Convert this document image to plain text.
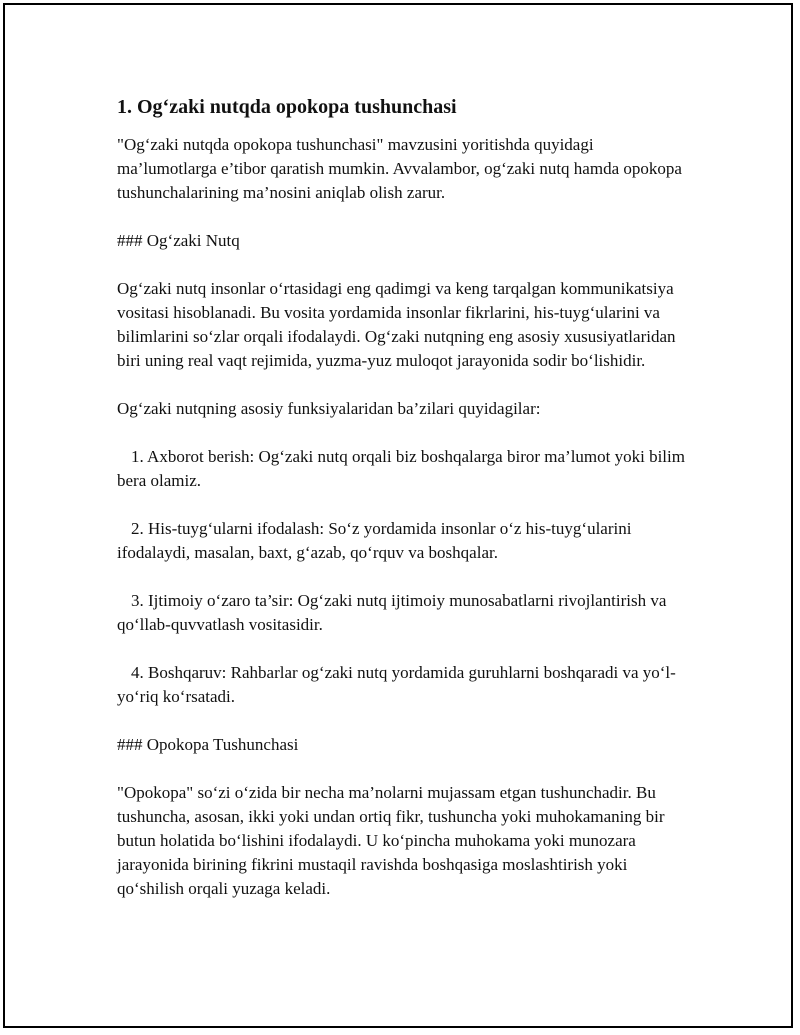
1. Og‘zaki nutqda opokopa tushunchasi

"Og‘zaki nutqda opokopa tushunchasi" mavzusini yoritishda quyidagi ma’lumotlarga e’tibor qaratish mumkin. Avvalambor, og‘zaki nutq hamda opokopa tushunchalarining ma’nosini aniqlab olish zarur.

### Og‘zaki Nutq

Og‘zaki nutq insonlar o‘rtasidagi eng qadimgi va keng tarqalgan kommunikatsiya vositasi hisoblanadi. Bu vosita yordamida insonlar fikrlarini, his-tuyg‘ularini va bilimlarini so‘zlar orqali ifodalaydi. Og‘zaki nutqning eng asosiy xususiyatlaridan biri uning real vaqt rejimida, yuzma-yuz muloqot jarayonida sodir bo‘lishidir.

Og‘zaki nutqning asosiy funksiyalaridan ba’zilari quyidagilar:

1. Axborot berish: Og‘zaki nutq orqali biz boshqalarga biror ma’lumot yoki bilim bera olamiz.

2. His-tuyg‘ularni ifodalash: So‘z yordamida insonlar o‘z his-tuyg‘ularini ifodalaydi, masalan, baxt, g‘azab, qo‘rquv va boshqalar.

3. Ijtimoiy o‘zaro ta’sir: Og‘zaki nutq ijtimoiy munosabatlarni rivojlantirish va qo‘llab-quvvatlash vositasidir.

4. Boshqaruv: Rahbarlar og‘zaki nutq yordamida guruhlarni boshqaradi va yo‘l-yo‘riq ko‘rsatadi.

### Opokopa Tushunchasi

"Opokopa" so‘zi o‘zida bir necha ma’nolarni mujassam etgan tushunchadir. Bu tushuncha, asosan, ikki yoki undan ortiq fikr, tushuncha yoki muhokamaning bir butun holatida bo‘lishini ifodalaydi. U ko‘pincha muhokama yoki munozara jarayonida birining fikrini mustaqil ravishda boshqasiga moslashtirish yoki qo‘shilish orqali yuzaga keladi.
